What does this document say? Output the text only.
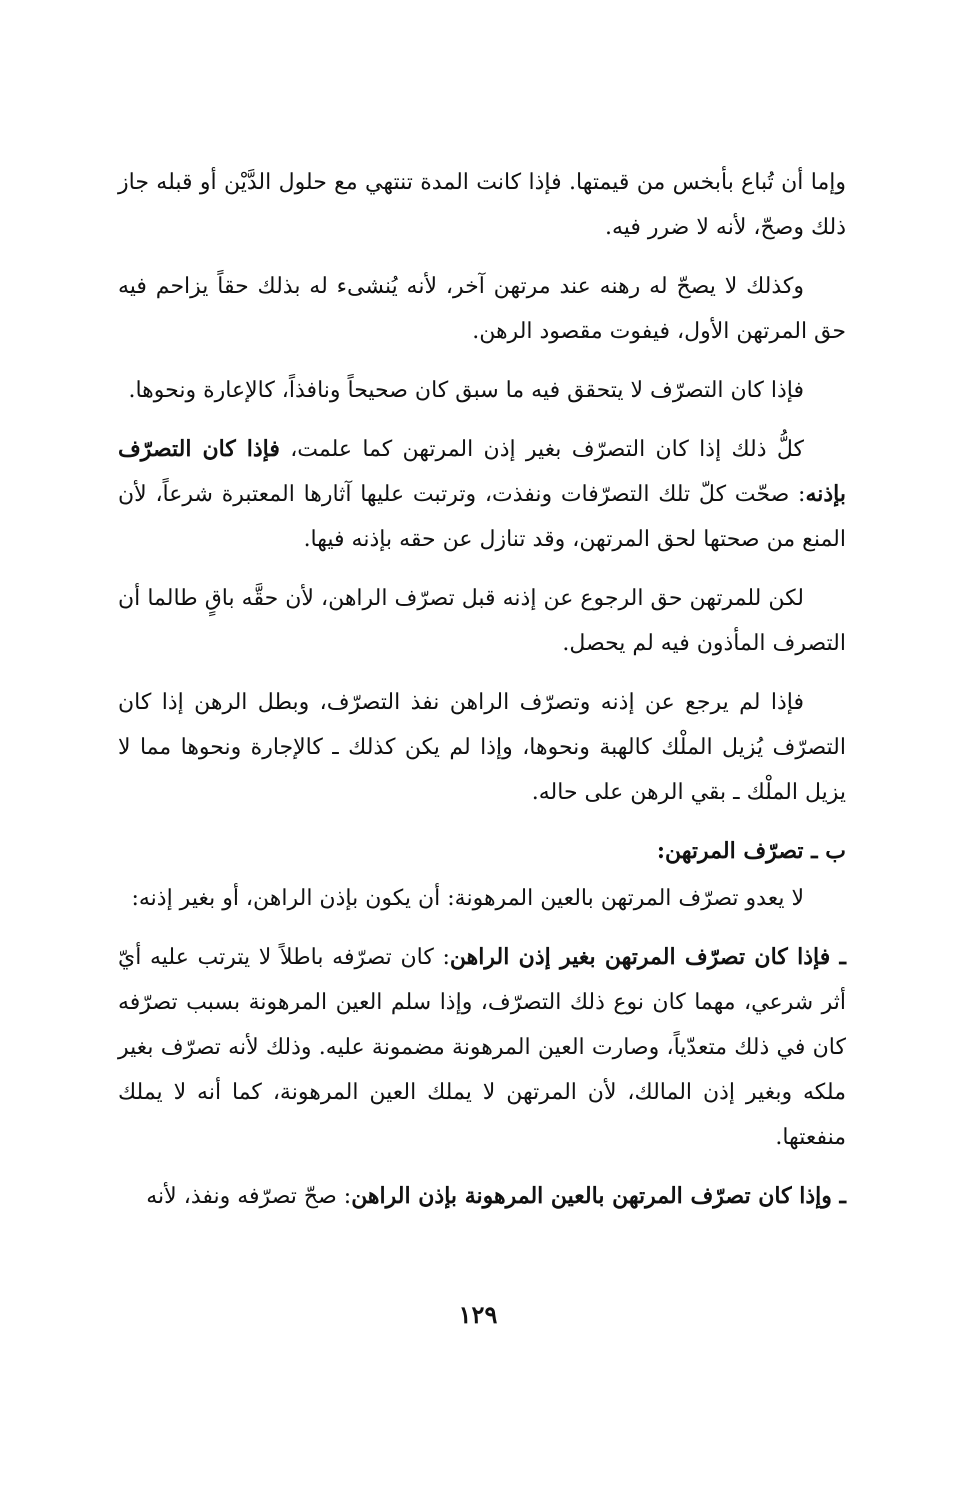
وإما أن تُباع بأبخس من قيمتها. فإذا كانت المدة تنتهي مع حلول الدَّيْن أو قبله جاز ذلك وصحّ، لأنه لا ضرر فيه.

وكذلك لا يصحّ له رهنه عند مرتهن آخر، لأنه يُنشىء له بذلك حقاً يزاحم فيه حق المرتهن الأول، فيفوت مقصود الرهن.

فإذا كان التصرّف لا يتحقق فيه ما سبق كان صحيحاً ونافذاً، كالإعارة ونحوها.

كلُّ ذلك إذا كان التصرّف بغير إذن المرتهن كما علمت، فإذا كان التصرّف بإذنه: صحّت كلّ تلك التصرّفات ونفذت، وترتبت عليها آثارها المعتبرة شرعاً، لأن المنع من صحتها لحق المرتهن، وقد تنازل عن حقه بإذنه فيها.

لكن للمرتهن حق الرجوع عن إذنه قبل تصرّف الراهن، لأن حقَّه باقٍ طالما أن التصرف المأذون فيه لم يحصل.

فإذا لم يرجع عن إذنه وتصرّف الراهن نفذ التصرّف، وبطل الرهن إذا كان التصرّف يُزيل الملْك كالهبة ونحوها، وإذا لم يكن كذلك ـ كالإجارة ونحوها مما لا يزيل الملْك ـ بقي الرهن على حاله.

ب ـ تصرّف المرتهن:

لا يعدو تصرّف المرتهن بالعين المرهونة: أن يكون بإذن الراهن، أو بغير إذنه:

ـ فإذا كان تصرّف المرتهن بغير إذن الراهن: كان تصرّفه باطلاً لا يترتب عليه أيّ أثر شرعي، مهما كان نوع ذلك التصرّف، وإذا سلم العين المرهونة بسبب تصرّفه كان في ذلك متعدّياً، وصارت العين المرهونة مضمونة عليه. وذلك لأنه تصرّف بغير ملكه وبغير إذن المالك، لأن المرتهن لا يملك العين المرهونة، كما أنه لا يملك منفعتها.

ـ وإذا كان تصرّف المرتهن بالعين المرهونة بإذن الراهن: صحّ تصرّفه ونفذ، لأنه

١٢٩
